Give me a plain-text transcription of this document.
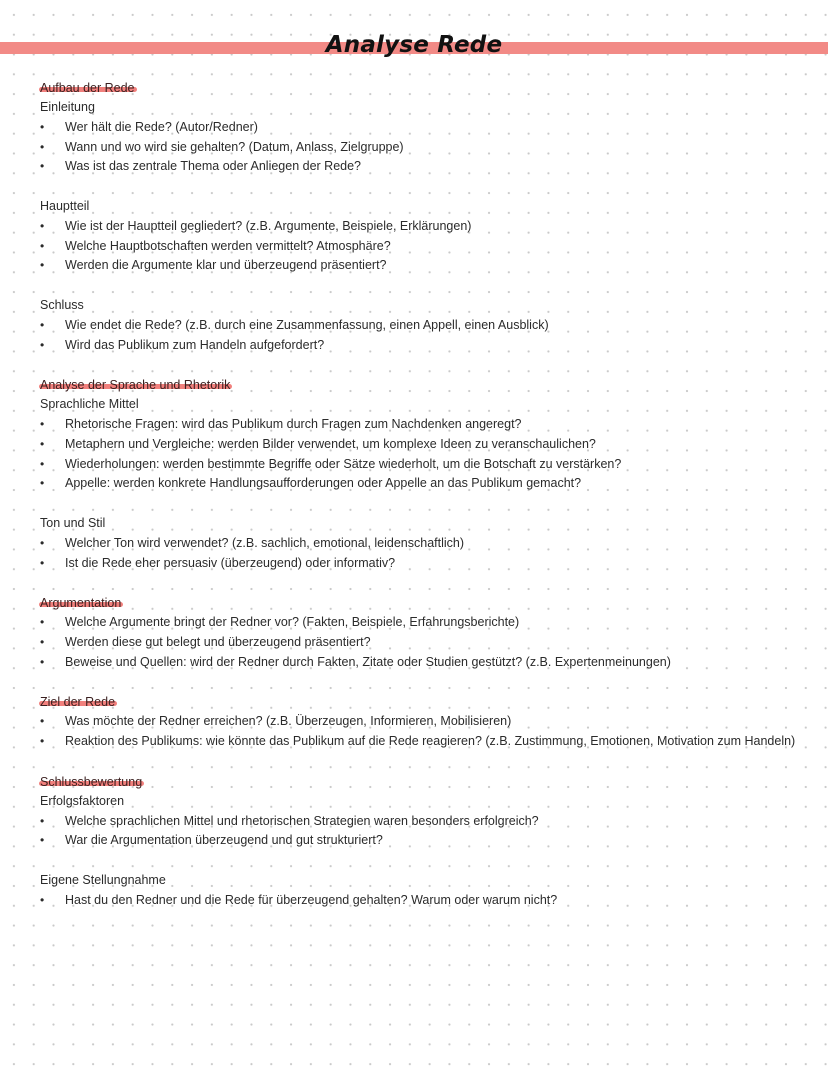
Analyse Rede
Aufbau der Rede
Einleitung
• Wer hält die Rede? (Autor/Redner)
• Wann und wo wird sie gehalten? (Datum, Anlass, Zielgruppe)
• Was ist das zentrale Thema oder Anliegen der Rede?
Hauptteil
• Wie ist der Hauptteil gegliedert? (z.B. Argumente, Beispiele, Erklärungen)
• Welche Hauptbotschaften werden vermittelt? Atmosphäre?
• Werden die Argumente klar und überzeugend präsentiert?
Schluss
• Wie endet die Rede? (z.B. durch eine Zusammenfassung, einen Appell, einen Ausblick)
• Wird das Publikum zum Handeln aufgefordert?
Analyse der Sprache und Rhetorik
Sprachliche Mittel
• Rhetorische Fragen: wird das Publikum durch Fragen zum Nachdenken angeregt?
• Metaphern und Vergleiche: werden Bilder verwendet, um komplexe Ideen zu veranschaulichen?
• Wiederholungen: werden bestimmte Begriffe oder Sätze wiederholt, um die Botschaft zu verstärken?
• Appelle: werden konkrete Handlungsaufforderungen oder Appelle an das Publikum gemacht?
Ton und Stil
• Welcher Ton wird verwendet? (z.B. sachlich, emotional, leidenschaftlich)
• Ist die Rede eher persuasiv (überzeugend) oder informativ?
Argumentation
• Welche Argumente bringt der Redner vor? (Fakten, Beispiele, Erfahrungsberichte)
• Werden diese gut belegt und überzeugend präsentiert?
• Beweise und Quellen: wird der Redner durch Fakten, Zitate oder Studien gestützt? (z.B. Expertenmeinungen)
Ziel der Rede
• Was möchte der Redner erreichen? (z.B. Überzeugen, Informieren, Mobilisieren)
• Reaktion des Publikums: wie könnte das Publikum auf die Rede reagieren? (z.B. Zustimmung, Emotionen, Motivation zum Handeln)
Schlussbewertung
Erfolgsfaktoren
• Welche sprachlichen Mittel und rhetorischen Strategien waren besonders erfolgreich?
• War die Argumentation überzeugend und gut strukturiert?
Eigene Stellungnahme
• Hast du den Redner und die Rede für überzeugend gehalten? Warum oder warum nicht?
